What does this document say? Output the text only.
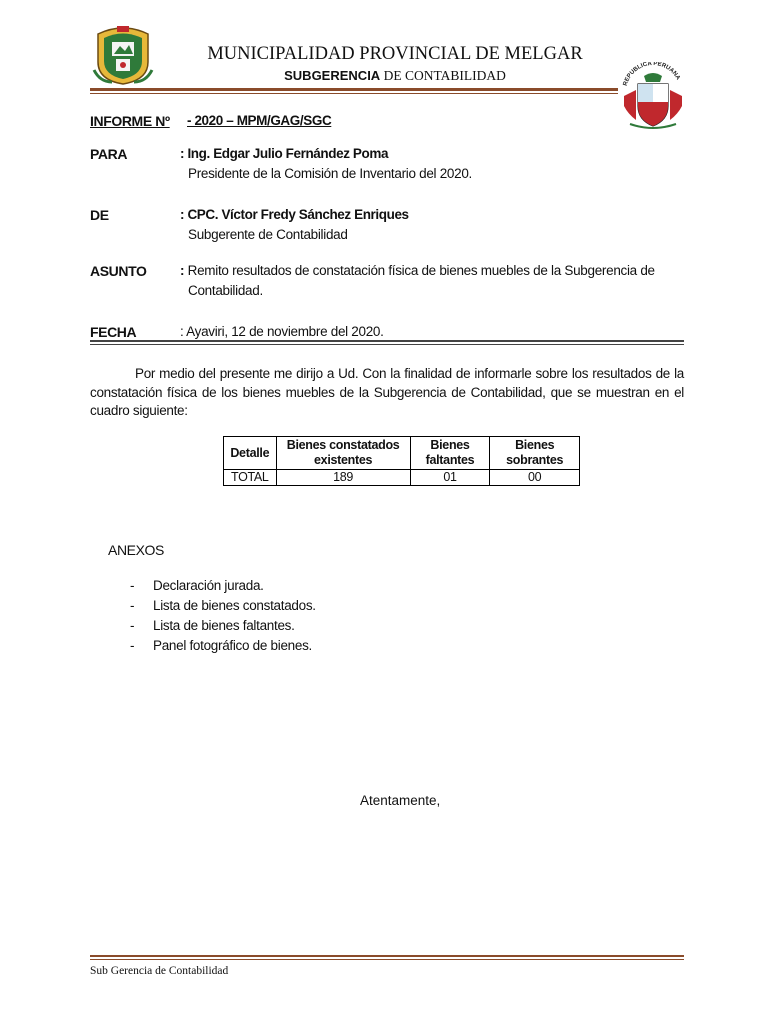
MUNICIPALIDAD PROVINCIAL DE MELGAR
SUBGERENCIA DE CONTABILIDAD
REPUBLICA PERUANA
INFORME Nº - 2020 – MPM/GAG/SGC
PARA	: Ing. Edgar Julio Fernández Poma
Presidente de la Comisión de Inventario del 2020.
DE	: CPC. Víctor Fredy Sánchez Enriques
Subgerente de Contabilidad
ASUNTO : Remito resultados de constatación física de bienes muebles de la Subgerencia de
Contabilidad.
FECHA	: Ayaviri, 12 de noviembre del 2020.
Por medio del presente me dirijo a Ud. Con la finalidad de informarle sobre los resultados de la constatación física de los bienes muebles de la Subgerencia de Contabilidad, que se muestran en el cuadro siguiente:
Detalle	Bienes constatados existentes	Bienes faltantes	Bienes sobrantes
TOTAL	189	01	00
ANEXOS
- Declaración jurada.
- Lista de bienes constatados.
- Lista de bienes faltantes.
- Panel fotográfico de bienes.
Atentamente,
Sub Gerencia de Contabilidad
